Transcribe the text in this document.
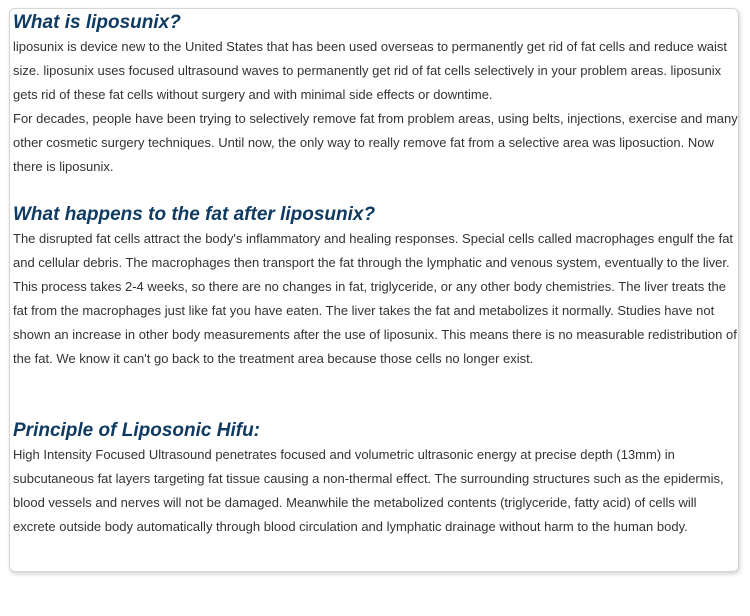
What is liposunix?

liposunix is device new to the United States that has been used overseas to permanently get rid of fat cells and reduce waist size. liposunix uses focused ultrasound waves to permanently get rid of fat cells selectively in your problem areas. liposunix gets rid of these fat cells without surgery and with minimal side effects or downtime.

For decades, people have been trying to selectively remove fat from problem areas, using belts, injections, exercise and many other cosmetic surgery techniques. Until now, the only way to really remove fat from a selective area was liposuction. Now there is liposunix.

What happens to the fat after liposunix?

The disrupted fat cells attract the body's inflammatory and healing responses. Special cells called macrophages engulf the fat and cellular debris. The macrophages then transport the fat through the lymphatic and venous system, eventually to the liver. This process takes 2-4 weeks, so there are no changes in fat, triglyceride, or any other body chemistries. The liver treats the fat from the macrophages just like fat you have eaten. The liver takes the fat and metabolizes it normally. Studies have not shown an increase in other body measurements after the use of liposunix. This means there is no measurable redistribution of the fat. We know it can't go back to the treatment area because those cells no longer exist.

Principle of Liposonic Hifu:

High Intensity Focused Ultrasound penetrates focused and volumetric ultrasonic energy at precise depth (13mm) in subcutaneous fat layers targeting fat tissue causing a non-thermal effect. The surrounding structures such as the epidermis, blood vessels and nerves will not be damaged. Meanwhile the metabolized contents (triglyceride, fatty acid) of cells will excrete outside body automatically through blood circulation and lymphatic drainage without harm to the human body.
